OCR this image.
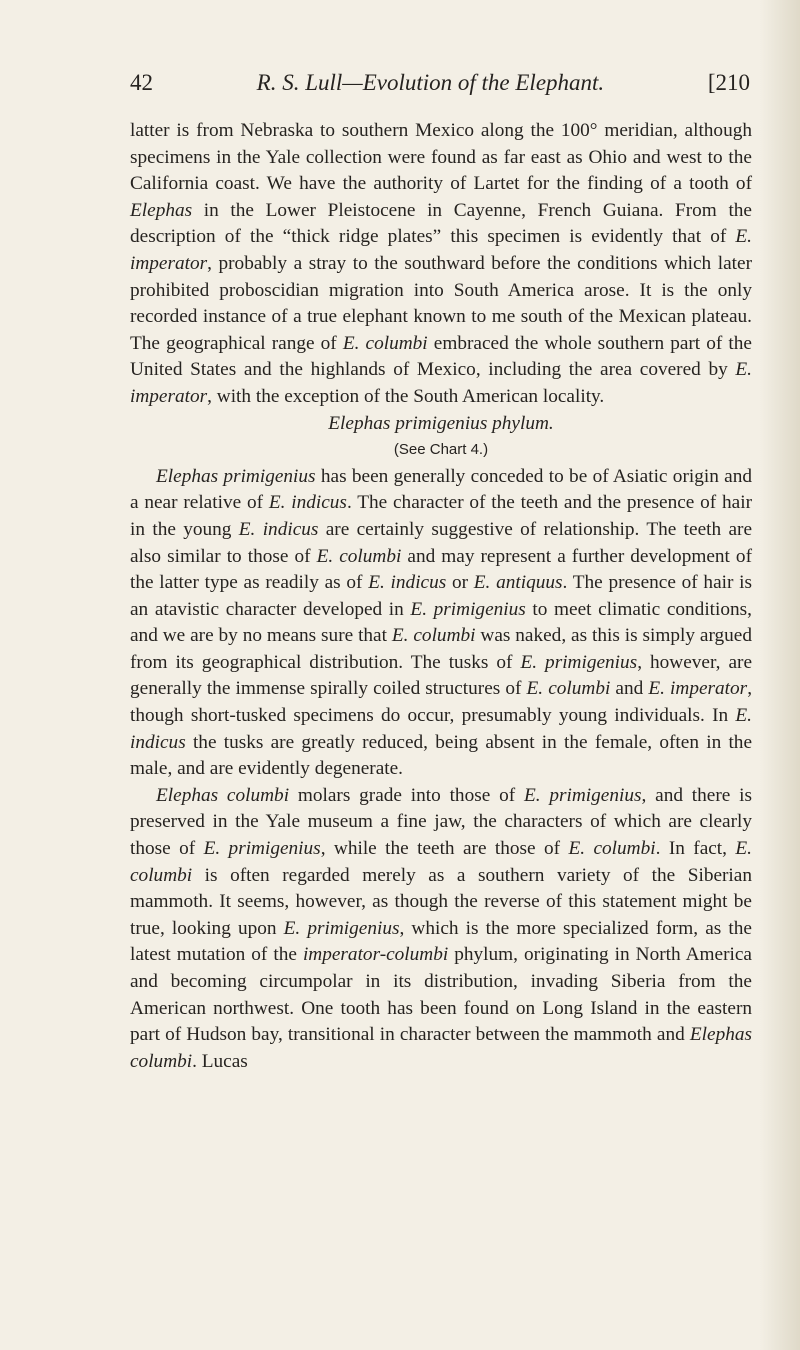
42	R. S. Lull—Evolution of the Elephant.	[210

latter is from Nebraska to southern Mexico along the 100° meridian, although specimens in the Yale collection were found as far east as Ohio and west to the California coast. We have the authority of Lartet for the finding of a tooth of Elephas in the Lower Pleistocene in Cayenne, French Guiana. From the description of the “thick ridge plates” this specimen is evidently that of E. imperator, probably a stray to the southward before the conditions which later prohibited proboscidian migration into South America arose. It is the only recorded instance of a true elephant known to me south of the Mexican plateau. The geographical range of E. columbi embraced the whole southern part of the United States and the highlands of Mexico, including the area covered by E. imperator, with the exception of the South American locality.

Elephas primigenius phylum.

(See Chart 4.)

Elephas primigenius has been generally conceded to be of Asiatic origin and a near relative of E. indicus. The character of the teeth and the presence of hair in the young E. indicus are certainly suggestive of relationship. The teeth are also similar to those of E. columbi and may represent a further development of the latter type as readily as of E. indicus or E. antiquus. The presence of hair is an atavistic character developed in E. primigenius to meet climatic conditions, and we are by no means sure that E. columbi was naked, as this is simply argued from its geographical distribution. The tusks of E. primigenius, however, are generally the immense spirally coiled structures of E. columbi and E. imperator, though short-tusked specimens do occur, presumably young individuals. In E. indicus the tusks are greatly reduced, being absent in the female, often in the male, and are evidently degenerate.

Elephas columbi molars grade into those of E. primigenius, and there is preserved in the Yale museum a fine jaw, the characters of which are clearly those of E. primigenius, while the teeth are those of E. columbi. In fact, E. columbi is often regarded merely as a southern variety of the Siberian mammoth. It seems, however, as though the reverse of this statement might be true, looking upon E. primigenius, which is the more specialized form, as the latest mutation of the imperator-columbi phylum, originating in North America and becoming circumpolar in its distribution, invading Siberia from the American northwest. One tooth has been found on Long Island in the eastern part of Hudson bay, transitional in character between the mammoth and Elephas columbi. Lucas
